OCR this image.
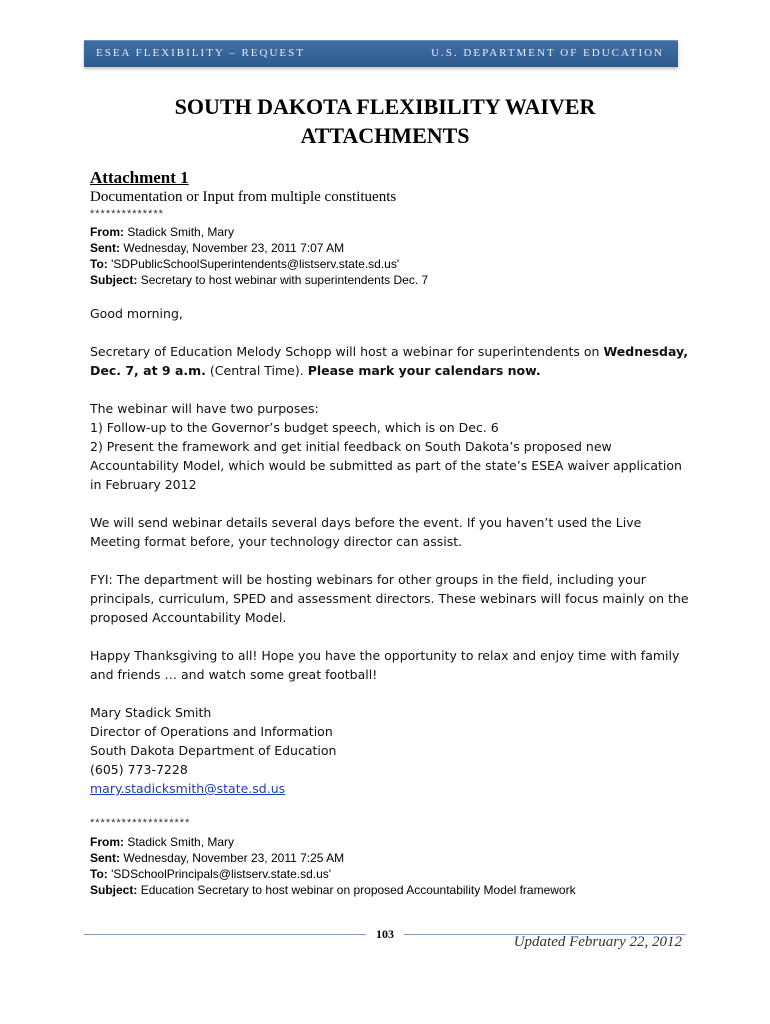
ESEA FLEXIBILITY – REQUEST	U.S. DEPARTMENT OF EDUCATION
SOUTH DAKOTA FLEXIBILITY WAIVER
ATTACHMENTS
Attachment 1
Documentation or Input from multiple constituents
**************
From: Stadick Smith, Mary
Sent: Wednesday, November 23, 2011 7:07 AM
To: 'SDPublicSchoolSuperintendents@listserv.state.sd.us'
Subject: Secretary to host webinar with superintendents Dec. 7

Good morning,

Secretary of Education Melody Schopp will host a webinar for superintendents on Wednesday,

Dec. 7, at 9 a.m. (Central Time). Please mark your calendars now.

The webinar will have two purposes:

1) Follow-up to the Governor’s budget speech, which is on Dec. 6

2) Present the framework and get initial feedback on South Dakota’s proposed new

Accountability Model, which would be submitted as part of the state’s ESEA waiver application

in February 2012

We will send webinar details several days before the event. If you haven’t used the Live

Meeting format before, your technology director can assist.

FYI: The department will be hosting webinars for other groups in the field, including your

principals, curriculum, SPED and assessment directors. These webinars will focus mainly on the

proposed Accountability Model.

Happy Thanksgiving to all! Hope you have the opportunity to relax and enjoy time with family

and friends … and watch some great football!

Mary Stadick Smith

Director of Operations and Information

South Dakota Department of Education

(605) 773-7228

mary.stadicksmith@state.sd.us

*******************
From: Stadick Smith, Mary
Sent: Wednesday, November 23, 2011 7:25 AM
To: 'SDSchoolPrincipals@listserv.state.sd.us'
Subject: Education Secretary to host webinar on proposed Accountability Model framework
103	Updated February 22, 2012
